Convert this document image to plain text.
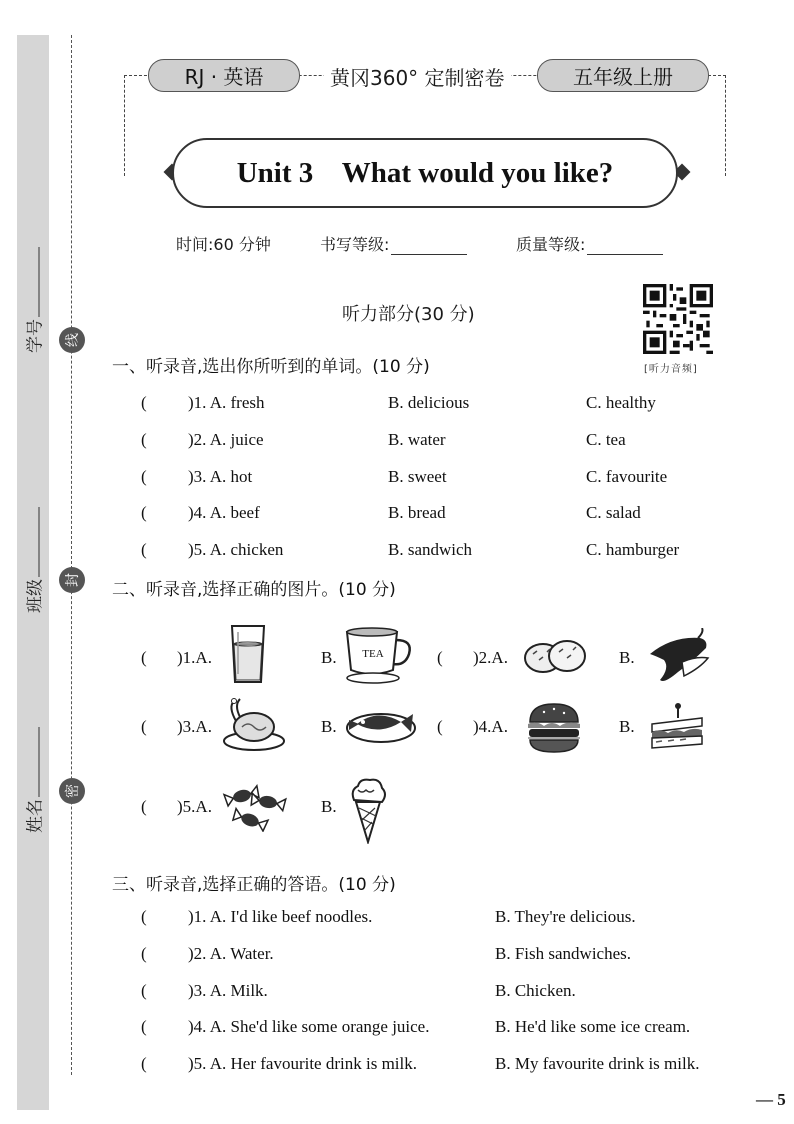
学号
班级
姓名
线
封
密
RJ · 英语	黄冈360° 定制密卷	五年级上册
Unit 3    What would you like?
时间:60 分钟	书写等级:	质量等级:
听力部分(30 分)
[听力音频]
一、听录音,选出你所听到的单词。(10 分)
( )1. A. fresh	B. delicious	C. healthy
( )2. A. juice	B. water	C. tea
( )3. A. hot	B. sweet	C. favourite
( )4. A. beef	B. bread	C. salad
( )5. A. chicken	B. sandwich	C. hamburger
二、听录音,选择正确的图片。(10 分)
( )1.A.	B. TEA	( )2.A.	B.
( )3.A.	B.	( )4.A.	B.
( )5.A.	B.
三、听录音,选择正确的答语。(10 分)
( )1. A. I'd like beef noodles.	B. They're delicious.
( )2. A. Water.	B. Fish sandwiches.
( )3. A. Milk.	B. Chicken.
( )4. A. She'd like some orange juice.	B. He'd like some ice cream.
( )5. A. Her favourite drink is milk.	B. My favourite drink is milk.
— 5
